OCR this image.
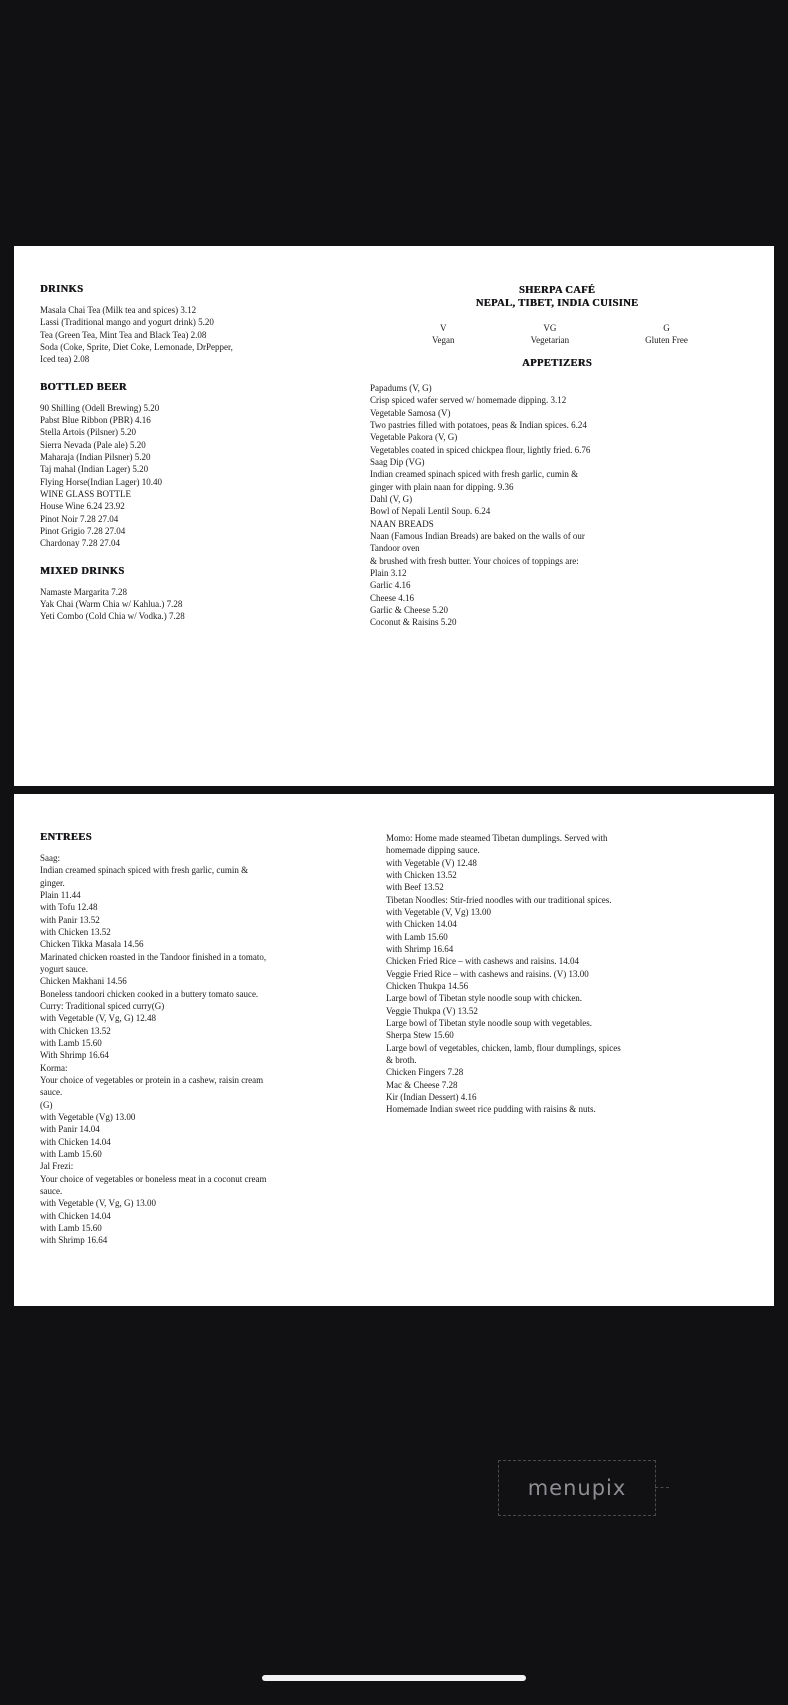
DRINKS
Masala Chai Tea (Milk tea and spices) 3.12
Lassi (Traditional mango and yogurt drink) 5.20
Tea (Green Tea, Mint Tea and Black Tea) 2.08
Soda (Coke, Sprite, Diet Coke, Lemonade, DrPepper,
Iced tea) 2.08
BOTTLED BEER
90 Shilling (Odell Brewing) 5.20
Pabst Blue Ribbon (PBR) 4.16
Stella Artois (Pilsner) 5.20
Sierra Nevada (Pale ale) 5.20
Maharaja (Indian Pilsner) 5.20
Taj mahal (Indian Lager) 5.20
Flying Horse(Indian Lager) 10.40
WINE GLASS BOTTLE
House Wine 6.24 23.92
Pinot Noir 7.28 27.04
Pinot Grigio 7.28 27.04
Chardonay 7.28 27.04
MIXED DRINKS
Namaste Margarita 7.28
Yak Chai (Warm Chia w/ Kahlua.) 7.28
Yeti Combo (Cold Chia w/ Vodka.) 7.28
SHERPA CAFÉ
NEPAL, TIBET, INDIA CUISINE
V
Vegan
VG
Vegetarian
G
Gluten Free
APPETIZERS
Papadums (V, G)
Crisp spiced wafer served w/ homemade dipping. 3.12
Vegetable Samosa (V)
Two pastries filled with potatoes, peas & Indian spices. 6.24
Vegetable Pakora (V, G)
Vegetables coated in spiced chickpea flour, lightly fried. 6.76
Saag Dip (VG)
Indian creamed spinach spiced with fresh garlic, cumin &
ginger with plain naan for dipping. 9.36
Dahl (V, G)
Bowl of Nepali Lentil Soup. 6.24
NAAN BREADS
Naan (Famous Indian Breads) are baked on the walls of our
Tandoor oven
& brushed with fresh butter. Your choices of toppings are:
Plain 3.12
Garlic 4.16
Cheese 4.16
Garlic & Cheese 5.20
Coconut & Raisins 5.20
ENTREES
Saag:
Indian creamed spinach spiced with fresh garlic, cumin &
ginger.
Plain 11.44
with Tofu 12.48
with Panir 13.52
with Chicken 13.52
Chicken Tikka Masala 14.56
Marinated chicken roasted in the Tandoor finished in a tomato,
yogurt sauce.
Chicken Makhani 14.56
Boneless tandoori chicken cooked in a buttery tomato sauce.
Curry: Traditional spiced curry(G)
with Vegetable (V, Vg, G) 12.48
with Chicken 13.52
with Lamb 15.60
With Shrimp 16.64
Korma:
Your choice of vegetables or protein in a cashew, raisin cream
sauce.
(G)
with Vegetable (Vg) 13.00
with Panir 14.04
with Chicken 14.04
with Lamb 15.60
Jal Frezi:
Your choice of vegetables or boneless meat in a coconut cream
sauce.
with Vegetable (V, Vg, G) 13.00
with Chicken 14.04
with Lamb 15.60
with Shrimp 16.64
Momo: Home made steamed Tibetan dumplings. Served with
homemade dipping sauce.
with Vegetable (V) 12.48
with Chicken 13.52
with Beef 13.52
Tibetan Noodles: Stir-fried noodles with our traditional spices.
with Vegetable (V, Vg) 13.00
with Chicken 14.04
with Lamb 15.60
with Shrimp 16.64
Chicken Fried Rice – with cashews and raisins. 14.04
Veggie Fried Rice – with cashews and raisins. (V) 13.00
Chicken Thukpa 14.56
Large bowl of Tibetan style noodle soup with chicken.
Veggie Thukpa (V) 13.52
Large bowl of Tibetan style noodle soup with vegetables.
Sherpa Stew 15.60
Large bowl of vegetables, chicken, lamb, flour dumplings, spices
& broth.
Chicken Fingers 7.28
Mac & Cheese 7.28
Kir (Indian Dessert) 4.16
Homemade Indian sweet rice pudding with raisins & nuts.
menupix
